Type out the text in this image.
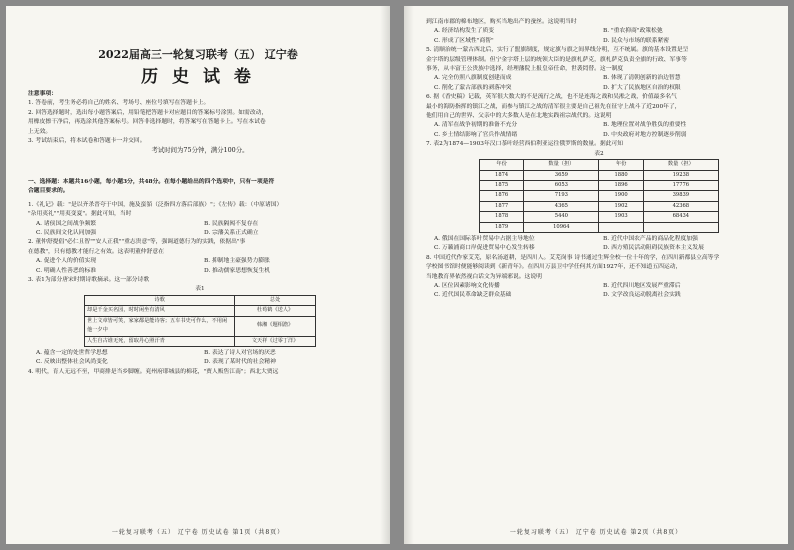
2022届高三一轮复习联考（五） 辽宁卷
历 史 试 卷
注意事项：
1. 答卷前，考生务必将自己的姓名、考场号、座位号填写在答题卡上。
2. 回答选择题时，选出每小题答案后，用铅笔把答题卡对应题目的答案标号涂黑。如需改动，
用橡皮擦干净后，再选涂其他答案标号。回答非选择题时，将答案写在答题卡上。写在本试卷
上无效。
3. 考试结束后，将本试卷和答题卡一并交回。
考试时间为75分钟，满分100分。
一、选择题：本题共16小题，每小题3分，共48分。在每小题给出的四个选项中，只有一项是符
合题目要求的。
1.《礼记》载："是以齐杀晋夸于中国，施及蛮貊（泛指四方落后部族）"；《左传》载：（中原诸国）
"杂用夷礼""用夷变夏"。据此可知，当时
A. 诸侯国之间战争频繁	B. 民族隔阂不复存在
C. 民族间文化认同加强	D. 宗藩关系正式确立
2. 董仲舒提倡"必仁且智""安人正我""重志贵意"等，强调道德行为的实践，依据出"事
在德教"，只有德教才能行之有效。这表明董仲舒意在
A. 促进个人的价值实现	B. 抑制地主豪强势力膨胀
C. 明确人性善恶的标准	D. 推动儒家思想恢复生机
3. 表1为部分唐宋时期诗歌摘录。这一部分诗歌
表1
诗歌	总处
却是千金买名园，时时闲坐有清风	杜荀鹤《送人》
世上文章皆可笑，家家都是能诗客；五车书史可作么，不用闲他一夕中	韩湘《题相澹》
人生自古谁无死，留取丹心照汗青	文天祥《过零丁洋》
A. 蕴含一定的处世哲学思想	B. 表达了诗人对官场的厌恶
C. 反映出整体社会风尚变化	D. 表现了某时代的社会精神
4. 明代，育人无远不至，甲商排是当乡脚缠。兖州府耶城县的棉花，"贾人贩售江南"；西北大贾远
一轮复习联考（五） 辽宁卷 历史试卷 第1页（共8页）
到江南市郡的棉布地区，购买当地出产的蚕丝。这说明当时
A. 经济结构发生了质变	B. "重农抑商"政策松弛
C. 形成了区域性"商帮"	D. 民众与市场的联系紧密
5. 清顺治统一蒙古西北后，实行了盟旗制度，规定旗与旗之间界线分明，互不统属。旗的基本设置是呈
金字塔的层级管理体制。但宁金字塔上层的统领大臣的是旗札萨克，旗札萨克负责全旗的行政、军事等
事务，从丰富王公贵族中选择，经理藩院上报皇帝任命，世袭罔替。这一制度
A. 完全仿照八旗制度创建而成	B. 体现了清朝创新的治边智慧
C. 削化了蒙古部族的剥落冲突	D. 扩大了民族地区自治的权限
6. 据《香史稿》记载，英军很大数大的不是流行之战，也不是连海之战和吴淞之战，价值最多名气
最小的海防指挥的镇江之战，而参与镇江之战的清军很主要是自己祖先在征守上战斗了近200年了，
他们用自己的世界、父亲中的大多数人是在北地实践祖宗战代的。这说明
A. 清军在战争初期的准备不充分	B. 地理位置对战争胜负的重要性
C. 乡土情结影响了官兵作战情绪	D. 中央政府对地方控制逐步削弱
7. 表2为1874—1903年汉口茶叶经营西伯利亚运往俄罗斯的数量。据此可知
表2
年份	数量（担）	年份	数量（担）
1874	3659	1880	19238
1875	6053	1896	17776
1876	7193	1900	39839
1877	4365	1902	42368
1878	5440	1903	68434
1879	10964		
A. 俄国在国际茶叶贸易中占据主导地位	B. 近代中国农产品的商品化程度加强
C. 万籁浦商口岸促进贸易中心发生转移	D. 西方殖民活动阻碍民族资本主义发展
8. 中国近代作家艾芜，原名汤道耕，是四川人。艾芜岗事 诗书通过生辉全校一位十年的学，在四川新都县立高等学
学校图书馆时便能够阅读到《新青年》。在四川万县卫中学任何其方面1927年，还不知道五四运动，
当地教育界依然视白话文为异端邪说。这说明
A. 区位因素影响文化传播	B. 近代四川地区发展严重滞后
C. 近代国民革命缺乏群众基础	D. 文学改良运动脱离社会实践
一轮复习联考（五） 辽宁卷 历史试卷 第2页（共8页）
